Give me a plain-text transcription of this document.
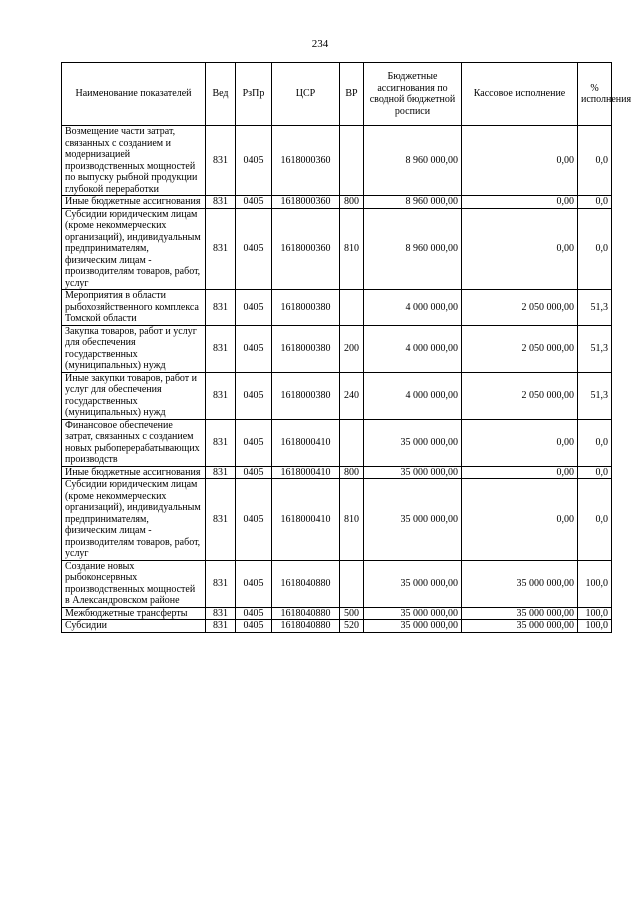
234
Наименование показателей	Вед	РзПр	ЦСР	ВР	Бюджетные ассигнования по сводной бюджетной росписи	Кассовое исполнение	% исполнения
Возмещение части затрат, связанных с созданием и модернизацией производственных мощностей по выпуску рыбной продукции глубокой переработки	831	0405	1618000360		8 960 000,00	0,00	0,0
Иные бюджетные ассигнования	831	0405	1618000360	800	8 960 000,00	0,00	0,0
Субсидии юридическим лицам (кроме некоммерческих организаций), индивидуальным предпринимателям, физическим лицам - производителям товаров, работ, услуг	831	0405	1618000360	810	8 960 000,00	0,00	0,0
Мероприятия в области рыбохозяйственного комплекса Томской области	831	0405	1618000380		4 000 000,00	2 050 000,00	51,3
Закупка товаров, работ и услуг для обеспечения государственных (муниципальных) нужд	831	0405	1618000380	200	4 000 000,00	2 050 000,00	51,3
Иные закупки товаров, работ и услуг для обеспечения государственных (муниципальных) нужд	831	0405	1618000380	240	4 000 000,00	2 050 000,00	51,3
Финансовое обеспечение затрат, связанных с созданием новых рыбоперерабатывающих производств	831	0405	1618000410		35 000 000,00	0,00	0,0
Иные бюджетные ассигнования	831	0405	1618000410	800	35 000 000,00	0,00	0,0
Субсидии юридическим лицам (кроме некоммерческих организаций), индивидуальным предпринимателям, физическим лицам - производителям товаров, работ, услуг	831	0405	1618000410	810	35 000 000,00	0,00	0,0
Создание новых рыбоконсервных производственных мощностей в Александровском районе	831	0405	1618040880		35 000 000,00	35 000 000,00	100,0
Межбюджетные трансферты	831	0405	1618040880	500	35 000 000,00	35 000 000,00	100,0
Субсидии	831	0405	1618040880	520	35 000 000,00	35 000 000,00	100,0
